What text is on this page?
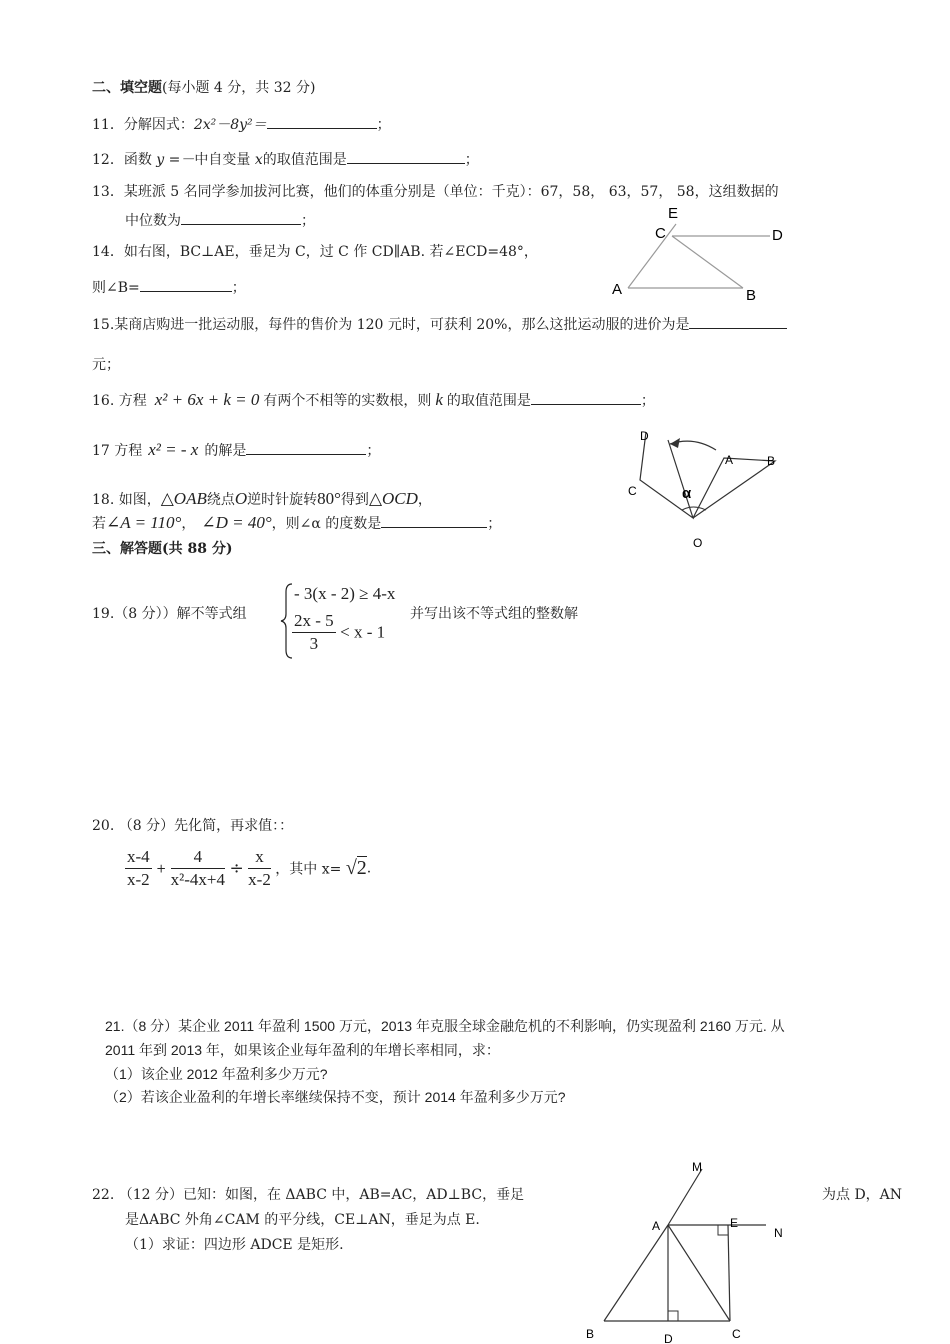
二、填空题(每小题 4 分，共 32 分)
11．分解因式：2x²－8y²＝	；
12．函数 y =－中自变量 x的取值范围是	；
13．某班派 5 名同学参加拔河比赛，他们的体重分别是（单位：千克）：67，58， 63，57， 58，这组数据的
中位数为	；
14．如右图，BC⊥AE，垂足为 C，过 C 作 CD∥AB. 若∠ECD=48°，
则∠B=	；
E
C	D
A	B
15.某商店购进一批运动服，每件的售价为 120 元时，可获利 20%，那么这批运动服的进价为是
元；
16. 方程 x² + 6x + k = 0 有两个不相等的实数根，则 k 的取值范围是	；
17 方程 x² = - x 的解是	；
D
A	B
C	α
O
18. 如图，△OAB绕点O逆时针旋转80°得到△OCD，
若∠A = 110°， ∠D = 40°，则∠α 的度数是	；
三、解答题(共 88 分)
19.（8 分））解不等式组
- 3(x - 2) ≥ 4-x
$\frac{2x - 5}{3} < x - 1$
并写出该不等式组的整数解
20. （8 分）先化简，再求值：：
$\frac{x-4}{x-2} + \frac{4}{\text{x²-4x+4}} \div \frac{x}{x-2}$ ，其中 x= √2.
21.（8 分）某企业 2011 年盈利 1500 万元，2013 年克服全球金融危机的不利影响，仍实现盈利 2160 万元. 从
2011 年到 2013 年，如果该企业每年盈利的年增长率相同，求：
（1）该企业 2012 年盈利多少万元?
（2）若该企业盈利的年增长率继续保持不变，预计 2014 年盈利多少万元?
22. （12 分）已知：如图，在 ΔABC 中，AB=AC，AD⊥BC，垂足	为点 D，AN
是ΔABC 外角∠CAM 的平分线，CE⊥AN，垂足为点 E.
（1）求证：四边形 ADCE 是矩形.
M
A	E
N
B	D	C
